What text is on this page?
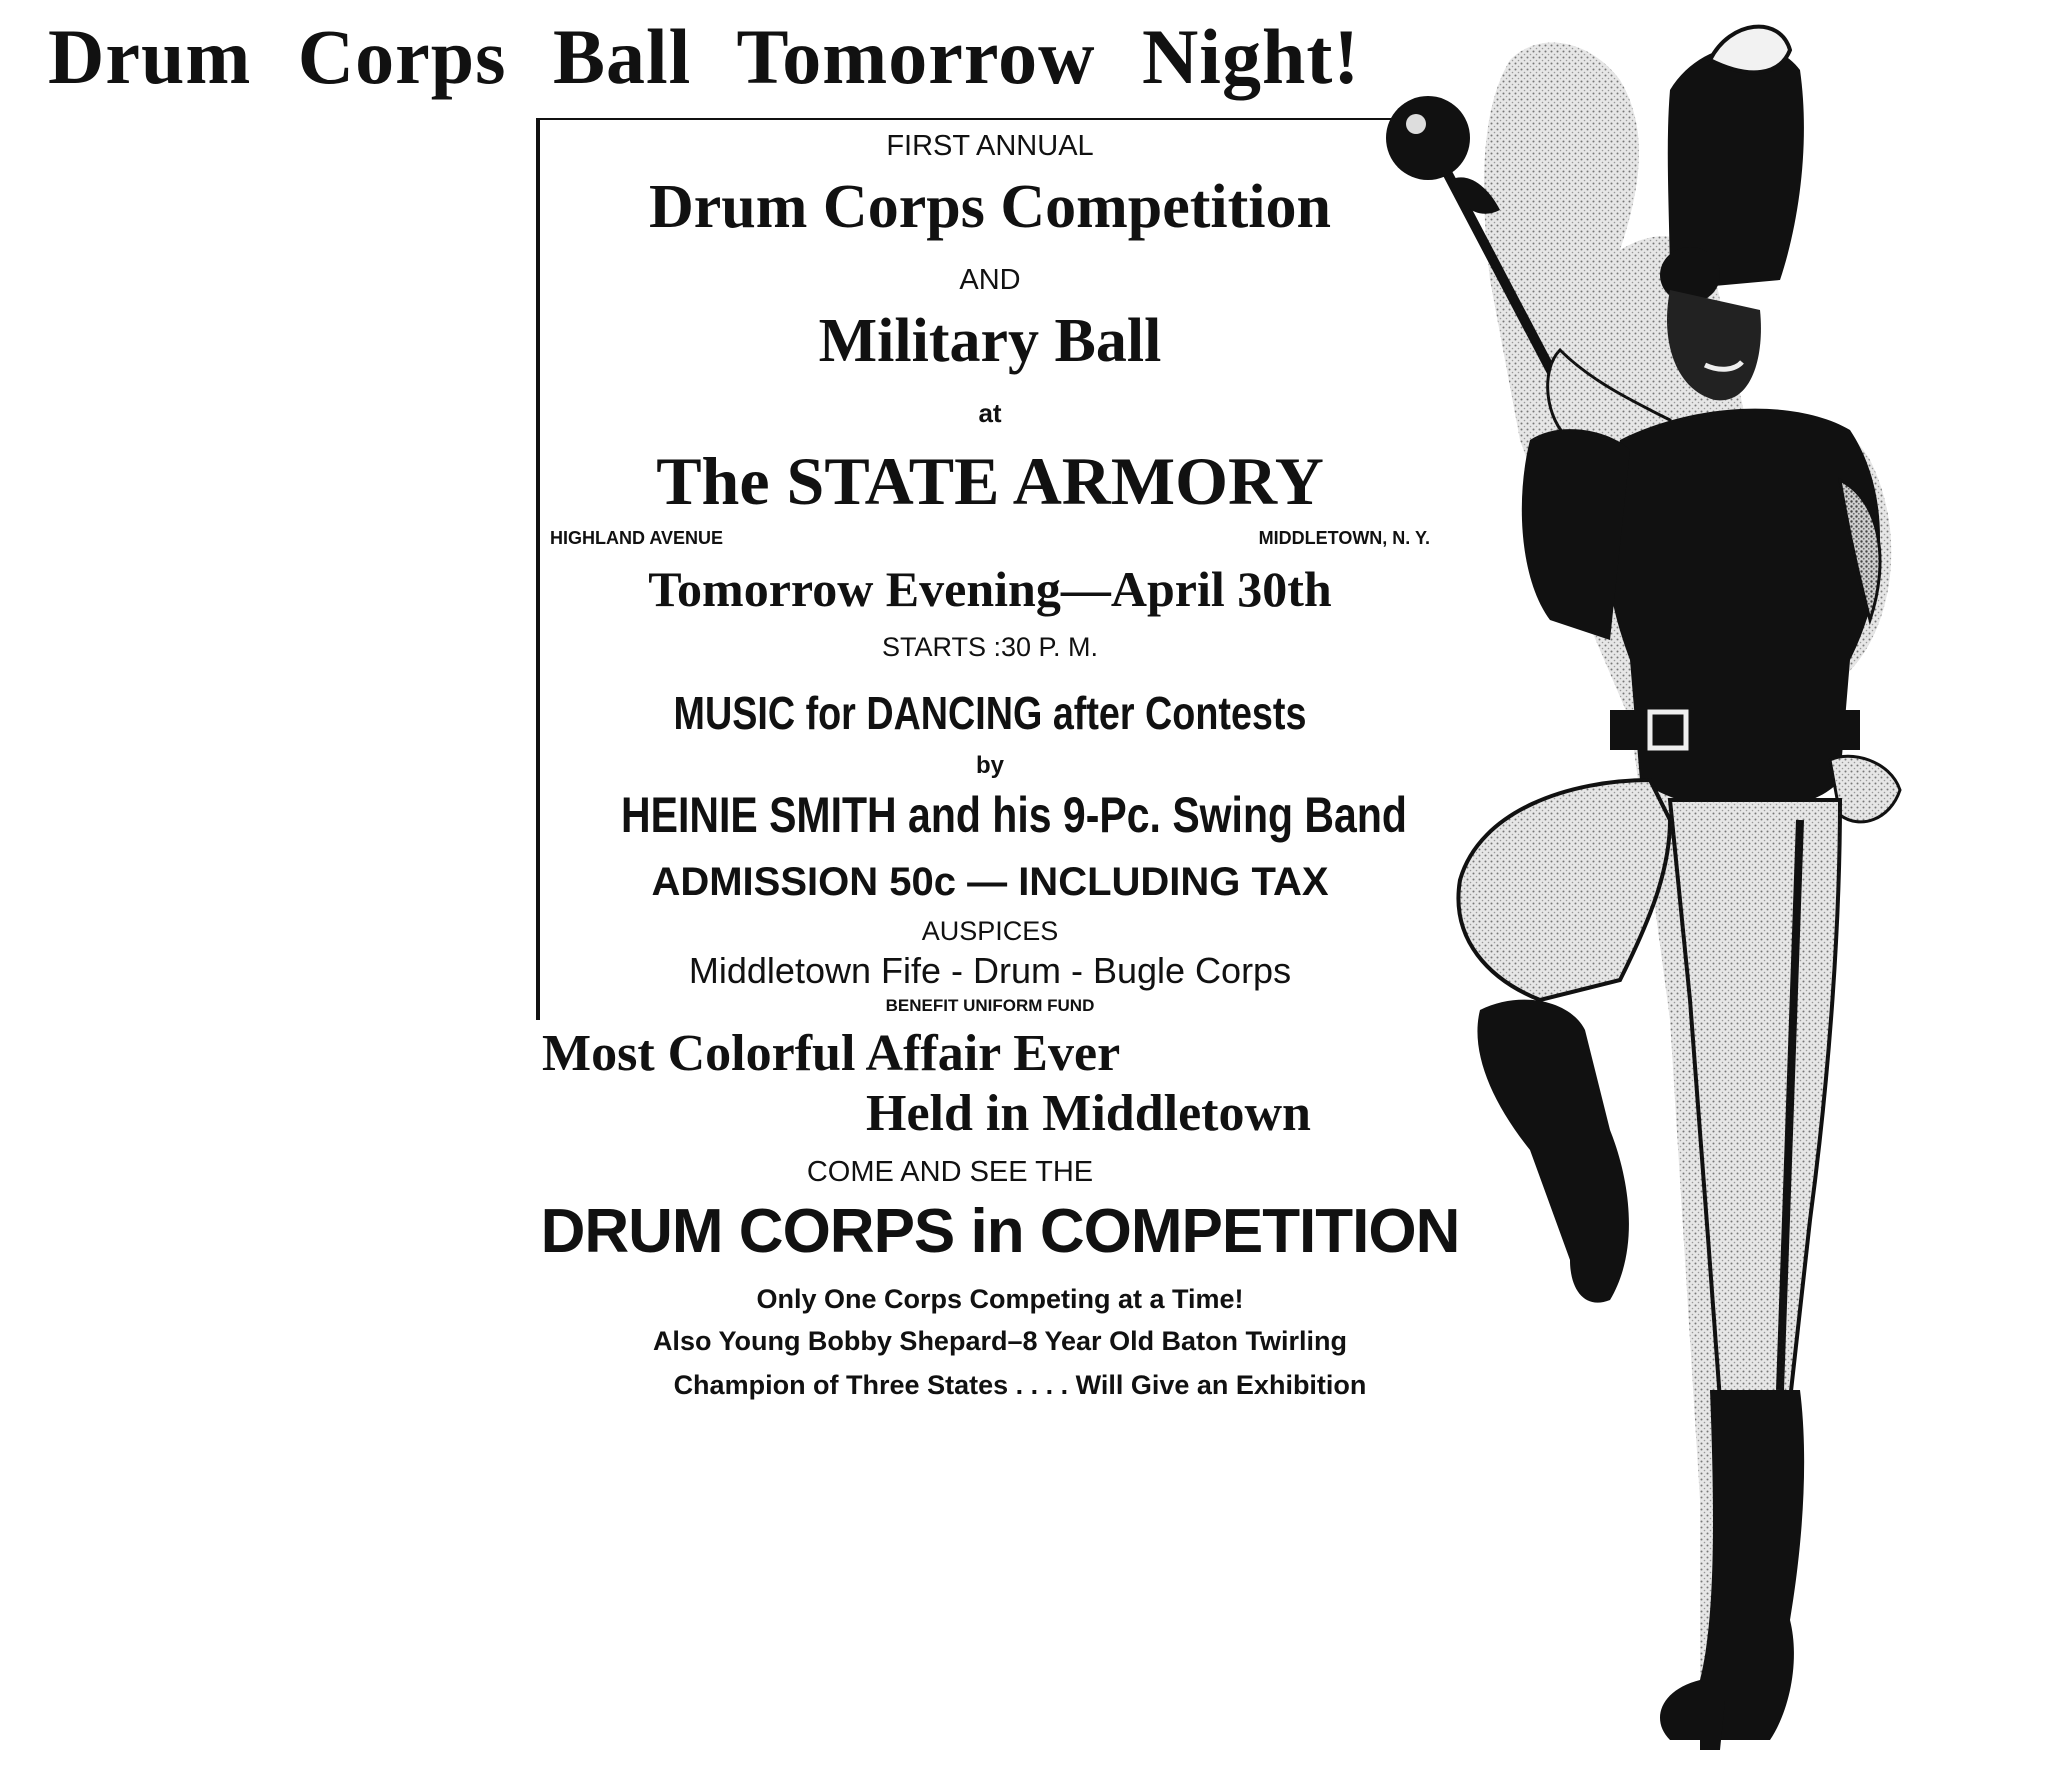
Drum Corps Ball Tomorrow Night!

FIRST ANNUAL

Drum Corps Competition

AND

Military Ball

at

The STATE ARMORY

HIGHLAND AVENUE	MIDDLETOWN, N. Y.

Tomorrow Evening—April 30th

STARTS :30 P. M.

MUSIC for DANCING after Contests

by

HEINIE SMITH and his 9-Pc. Swing Band

ADMISSION 50c — INCLUDING TAX

AUSPICES

Middletown Fife - Drum - Bugle Corps

BENEFIT UNIFORM FUND

Most Colorful Affair Ever

Held in Middletown

COME AND SEE THE

DRUM CORPS in COMPETITION

Only One Corps Competing at a Time!

Also Young Bobby Shepard–8 Year Old Baton Twirling

Champion of Three States . . . . Will Give an Exhibition
